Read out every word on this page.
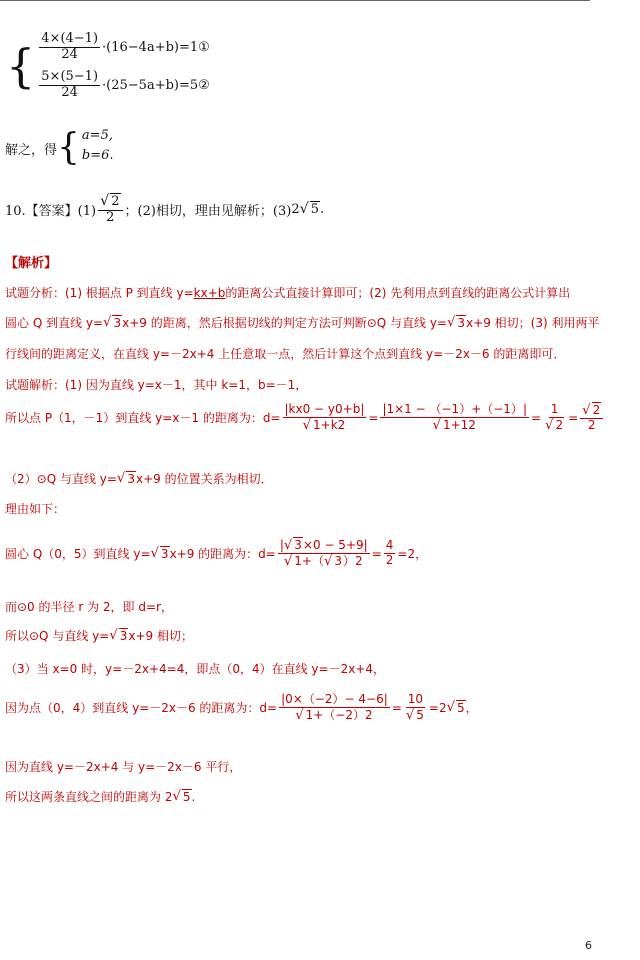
{ $\frac{4\times(4-1)}{24}$ ·(16−4a+b)=1①
$\frac{5\times(5-1)}{24}$ ·(25−5a+b)=5②
解之，得 { a=5,
b=6.
10.【答案】$(1) \frac{√ 2}{2}$ ；(2)相切，理由见解析；(3) 2 √ 5 .
【解析】
试题分析：(1) 根据点 P 到直线 y= kx+b 的距离公式直接计算即可；(2) 先利用点到直线的距离公式计算出
圆心 Q 到直线 y= √ 3 x+9 的距离，然后根据切线的判定方法可判断⊙Q 与直线 y= √ 3 x+9 相切；(3) 利用两平
行线间的距离定义，在直线 y=－2x+4 上任意取一点，然后计算这个点到直线 y=－2x－6 的距离即可．
试题解析：(1) 因为直线 y=x－1，其中 k=1，b=－1，
所以点 P（1，－1）到直线 y=x－1 的距离为：$d= \frac{|kx0 - y0+b|}{√ 1+k2} = \frac{|1\times 1 - (-1)+(-1)|}{√ 1+12} = \frac{1}{√ 2} = \frac{√ 2}{2}$
（2）⊙Q 与直线 y= √ 3 x+9 的位置关系为相切．
理由如下：
圆心 Q（0，5）到直线 y= √ 3 x+9 的距离为：$d= \frac{|√ 3\times 0 - 5+9|}{√ 1+(√ 3)2} = \frac{4}{2} =2$，
而⊙0 的半径 r 为 2，即 d=r，
所以⊙Q 与直线 y= √ 3 x+9 相切；
（3）当 x=0 时，y=－2x+4=4，即点（0，4）在直线 y=－2x+4，
因为点（0，4）到直线 y=－2x－6 的距离为：$d= \frac{|0\times(-2)- 4-6|}{√ 1+(-2)2} = \frac{10}{√ 5} =2$ √ 5 ，
因为直线 y=－2x+4 与 y=－2x－6 平行，
所以这两条直线之间的距离为 2 √ 5 .
6
